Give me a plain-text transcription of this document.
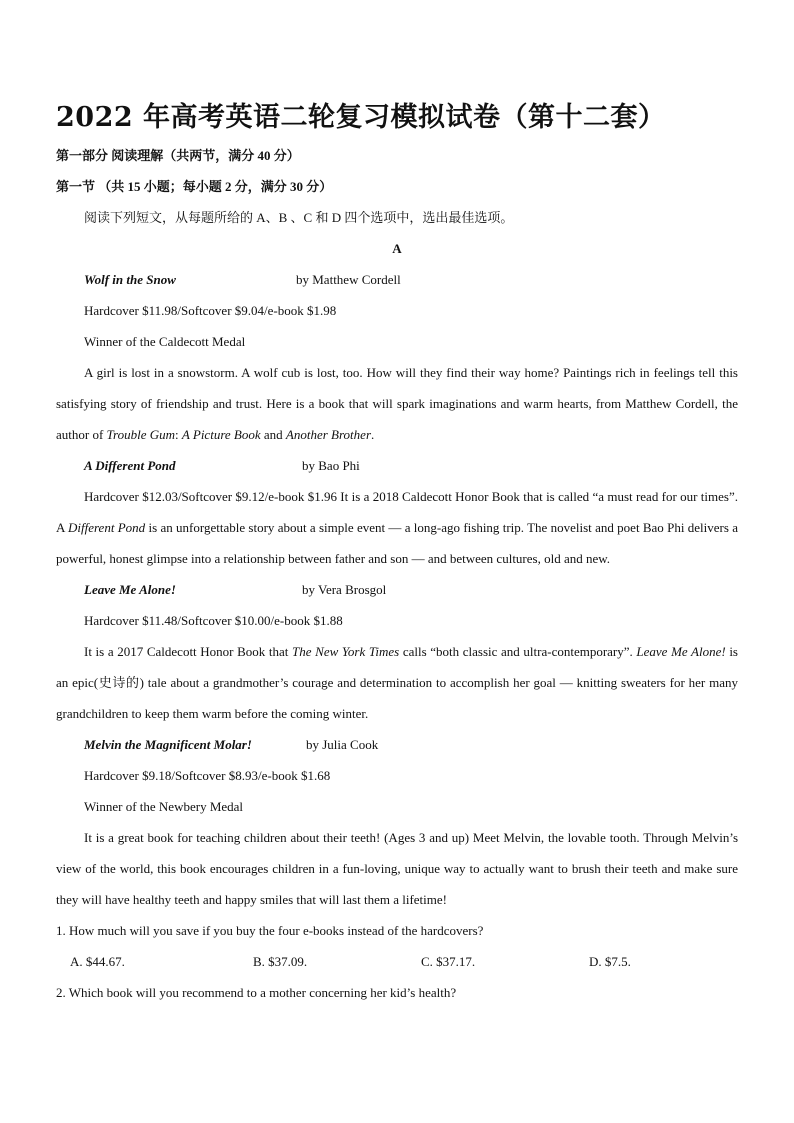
2022 年高考英语二轮复习模拟试卷（第十二套）

第一部分 阅读理解（共两节，满分 40 分）

第一节 （共 15 小题；每小题 2 分，满分 30 分）

阅读下列短文，从每题所给的 A、B 、C 和 D 四个选项中，选出最佳选项。

A

Wolf in the Snow	by Matthew Cordell

Hardcover $11.98/Softcover $9.04/e-book $1.98

Winner of the Caldecott Medal

A girl is lost in a snowstorm. A wolf cub is lost, too. How will they find their way home? Paintings rich in feelings tell this satisfying story of friendship and trust. Here is a book that will spark imaginations and warm hearts, from Matthew Cordell, the author of Trouble Gum: A Picture Book and Another Brother.

A Different Pond	by Bao Phi

Hardcover $12.03/Softcover $9.12/e-book $1.96 It is a 2018 Caldecott Honor Book that is called “a must read for our times”. A Different Pond is an unforgettable story about a simple event — a long-ago fishing trip. The novelist and poet Bao Phi delivers a powerful, honest glimpse into a relationship between father and son — and between cultures, old and new.

Leave Me Alone!	by Vera Brosgol

Hardcover $11.48/Softcover $10.00/e-book $1.88

It is a 2017 Caldecott Honor Book that The New York Times calls “both classic and ultra-contemporary”. Leave Me Alone! is an epic(史诗的) tale about a grandmother’s courage and determination to accomplish her goal — knitting sweaters for her many grandchildren to keep them warm before the coming winter.

Melvin the Magnificent Molar!	by Julia Cook

Hardcover $9.18/Softcover $8.93/e-book $1.68

Winner of the Newbery Medal

It is a great book for teaching children about their teeth! (Ages 3 and up) Meet Melvin, the lovable tooth. Through Melvin’s view of the world, this book encourages children in a fun-loving, unique way to actually want to brush their teeth and make sure they will have healthy teeth and happy smiles that will last them a lifetime!

1. How much will you save if you buy the four e-books instead of the hardcovers?

A. $44.67.	B. $37.09.	C. $37.17.	D. $7.5.

2. Which book will you recommend to a mother concerning her kid’s health?
